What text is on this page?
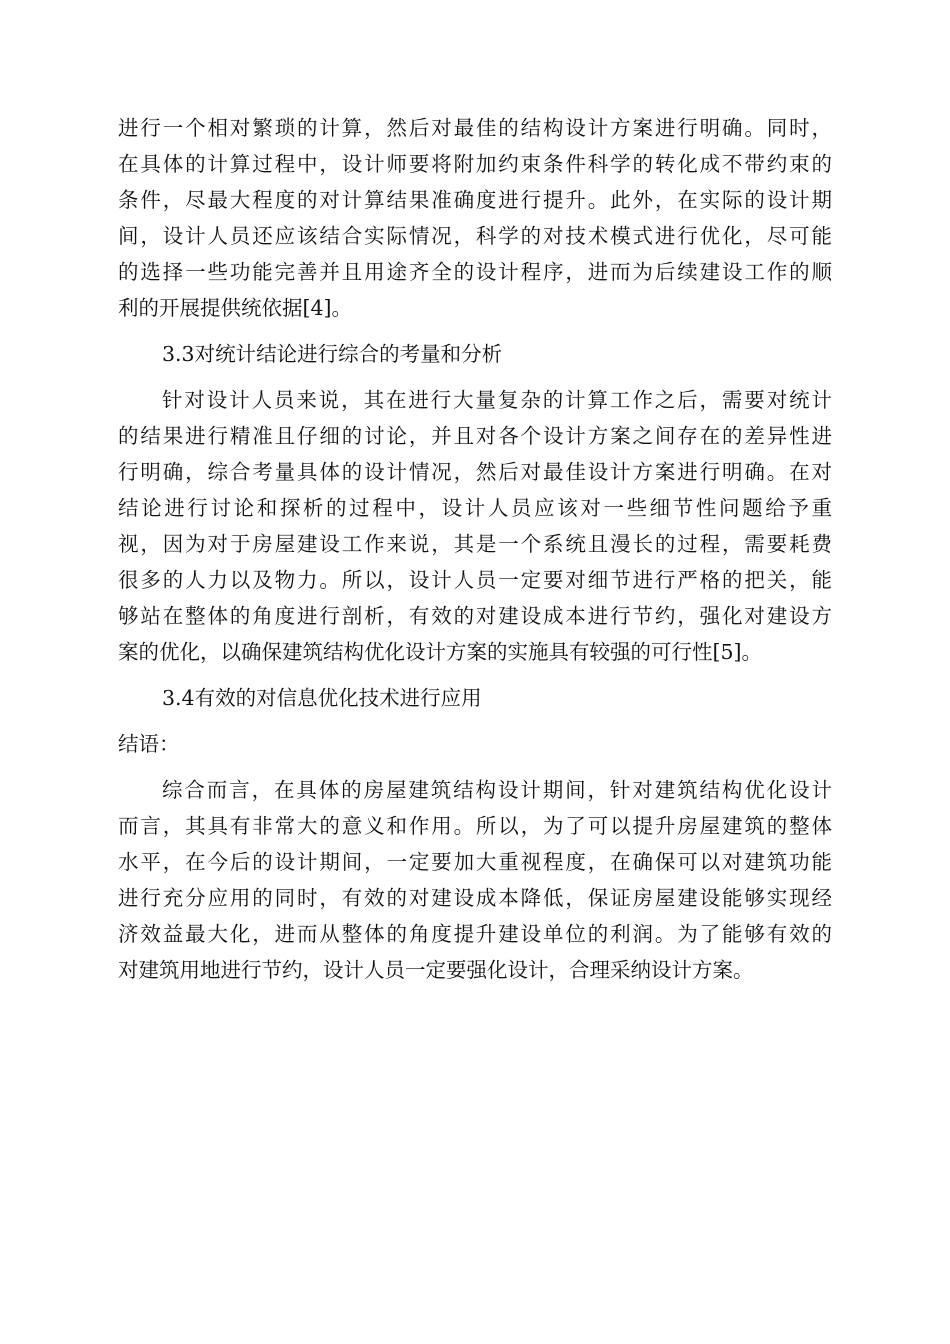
进行一个相对繁琐的计算，然后对最佳的结构设计方案进行明确。同时，
在具体的计算过程中，设计师要将附加约束条件科学的转化成不带约束的
条件，尽最大程度的对计算结果准确度进行提升。此外，在实际的设计期
间，设计人员还应该结合实际情况，科学的对技术模式进行优化，尽可能
的选择一些功能完善并且用途齐全的设计程序，进而为后续建设工作的顺
利的开展提供统依据[4]。
3.3对统计结论进行综合的考量和分析
针对设计人员来说，其在进行大量复杂的计算工作之后，需要对统计
的结果进行精准且仔细的讨论，并且对各个设计方案之间存在的差异性进
行明确，综合考量具体的设计情况，然后对最佳设计方案进行明确。在对
结论进行讨论和探析的过程中，设计人员应该对一些细节性问题给予重
视，因为对于房屋建设工作来说，其是一个系统且漫长的过程，需要耗费
很多的人力以及物力。所以，设计人员一定要对细节进行严格的把关，能
够站在整体的角度进行剖析，有效的对建设成本进行节约，强化对建设方
案的优化，以确保建筑结构优化设计方案的实施具有较强的可行性[5]。
3.4有效的对信息优化技术进行应用
结语：
综合而言，在具体的房屋建筑结构设计期间，针对建筑结构优化设计
而言，其具有非常大的意义和作用。所以，为了可以提升房屋建筑的整体
水平，在今后的设计期间，一定要加大重视程度，在确保可以对建筑功能
进行充分应用的同时，有效的对建设成本降低，保证房屋建设能够实现经
济效益最大化，进而从整体的角度提升建设单位的利润。为了能够有效的
对建筑用地进行节约，设计人员一定要强化设计，合理采纳设计方案。
